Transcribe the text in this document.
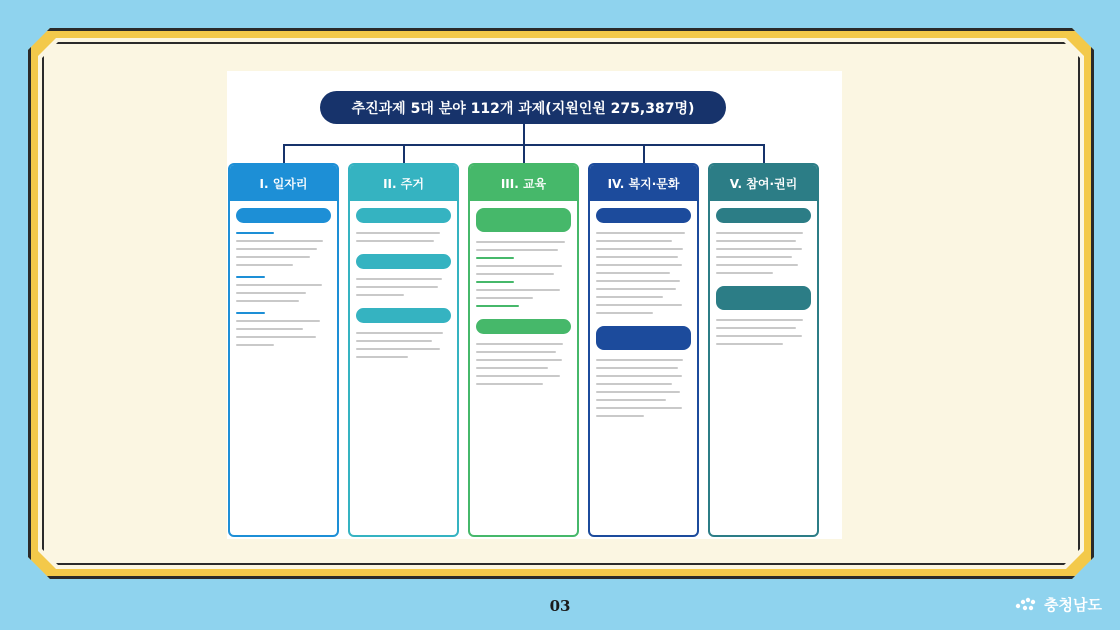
추진과제 5대 분야 112개 과제(지원인원 275,387명)
I. 일자리	II. 주거	III. 교육	IV. 복지·문화	V. 참여·권리
03	충청남도
